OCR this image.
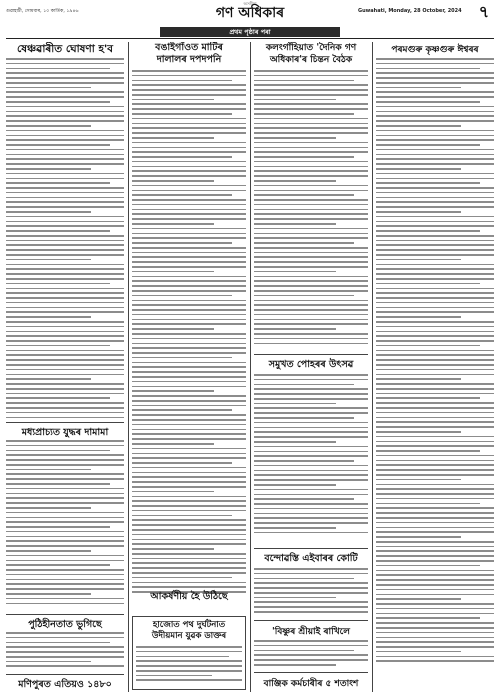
গুৱাহাটী, সোমবাৰ, ১০ কাৰ্তিক, ১৯৪৬
অসমীয়া
গণ অধিকাৰ	Guwahati, Monday, 28 October, 2024 ৭
প্ৰথম পৃষ্ঠাৰ পৰা
ষেঞ্চৱাৰীত ঘোষণা হ'ব
মধ্যপ্ৰাচ্যত যুদ্ধৰ দামামা
পুঠিহীনতাত ভুগিছে
মণিপুৰত এতিয়ও ১৪৮০
বঙাইগাঁওত মাটিৰ
দালালৰ দপদপনি
আকৰ্ষণীয় হৈ উঠিছে
হাজোত পথ দুৰ্ঘটনাত
উদীয়মান যুৱক ডাক্তৰ
কলংগাঁহিয়াত 'দৈনিক গণ
অধিকাৰ'ৰ চিন্তন বৈঠক
সমুখত পোহৰৰ উৎসৱ
বন্দোৱস্তি এইবাৰৰ কোটি
'বিষ্ণুৰ শ্ৰীয়াই ৰাখিলে
বাঞ্জিক কৰ্মচাৰীৰ ৫ শতাংশ
পৰমগুৰু কৃষ্ণগুৰু ঈশ্বৰৰ
